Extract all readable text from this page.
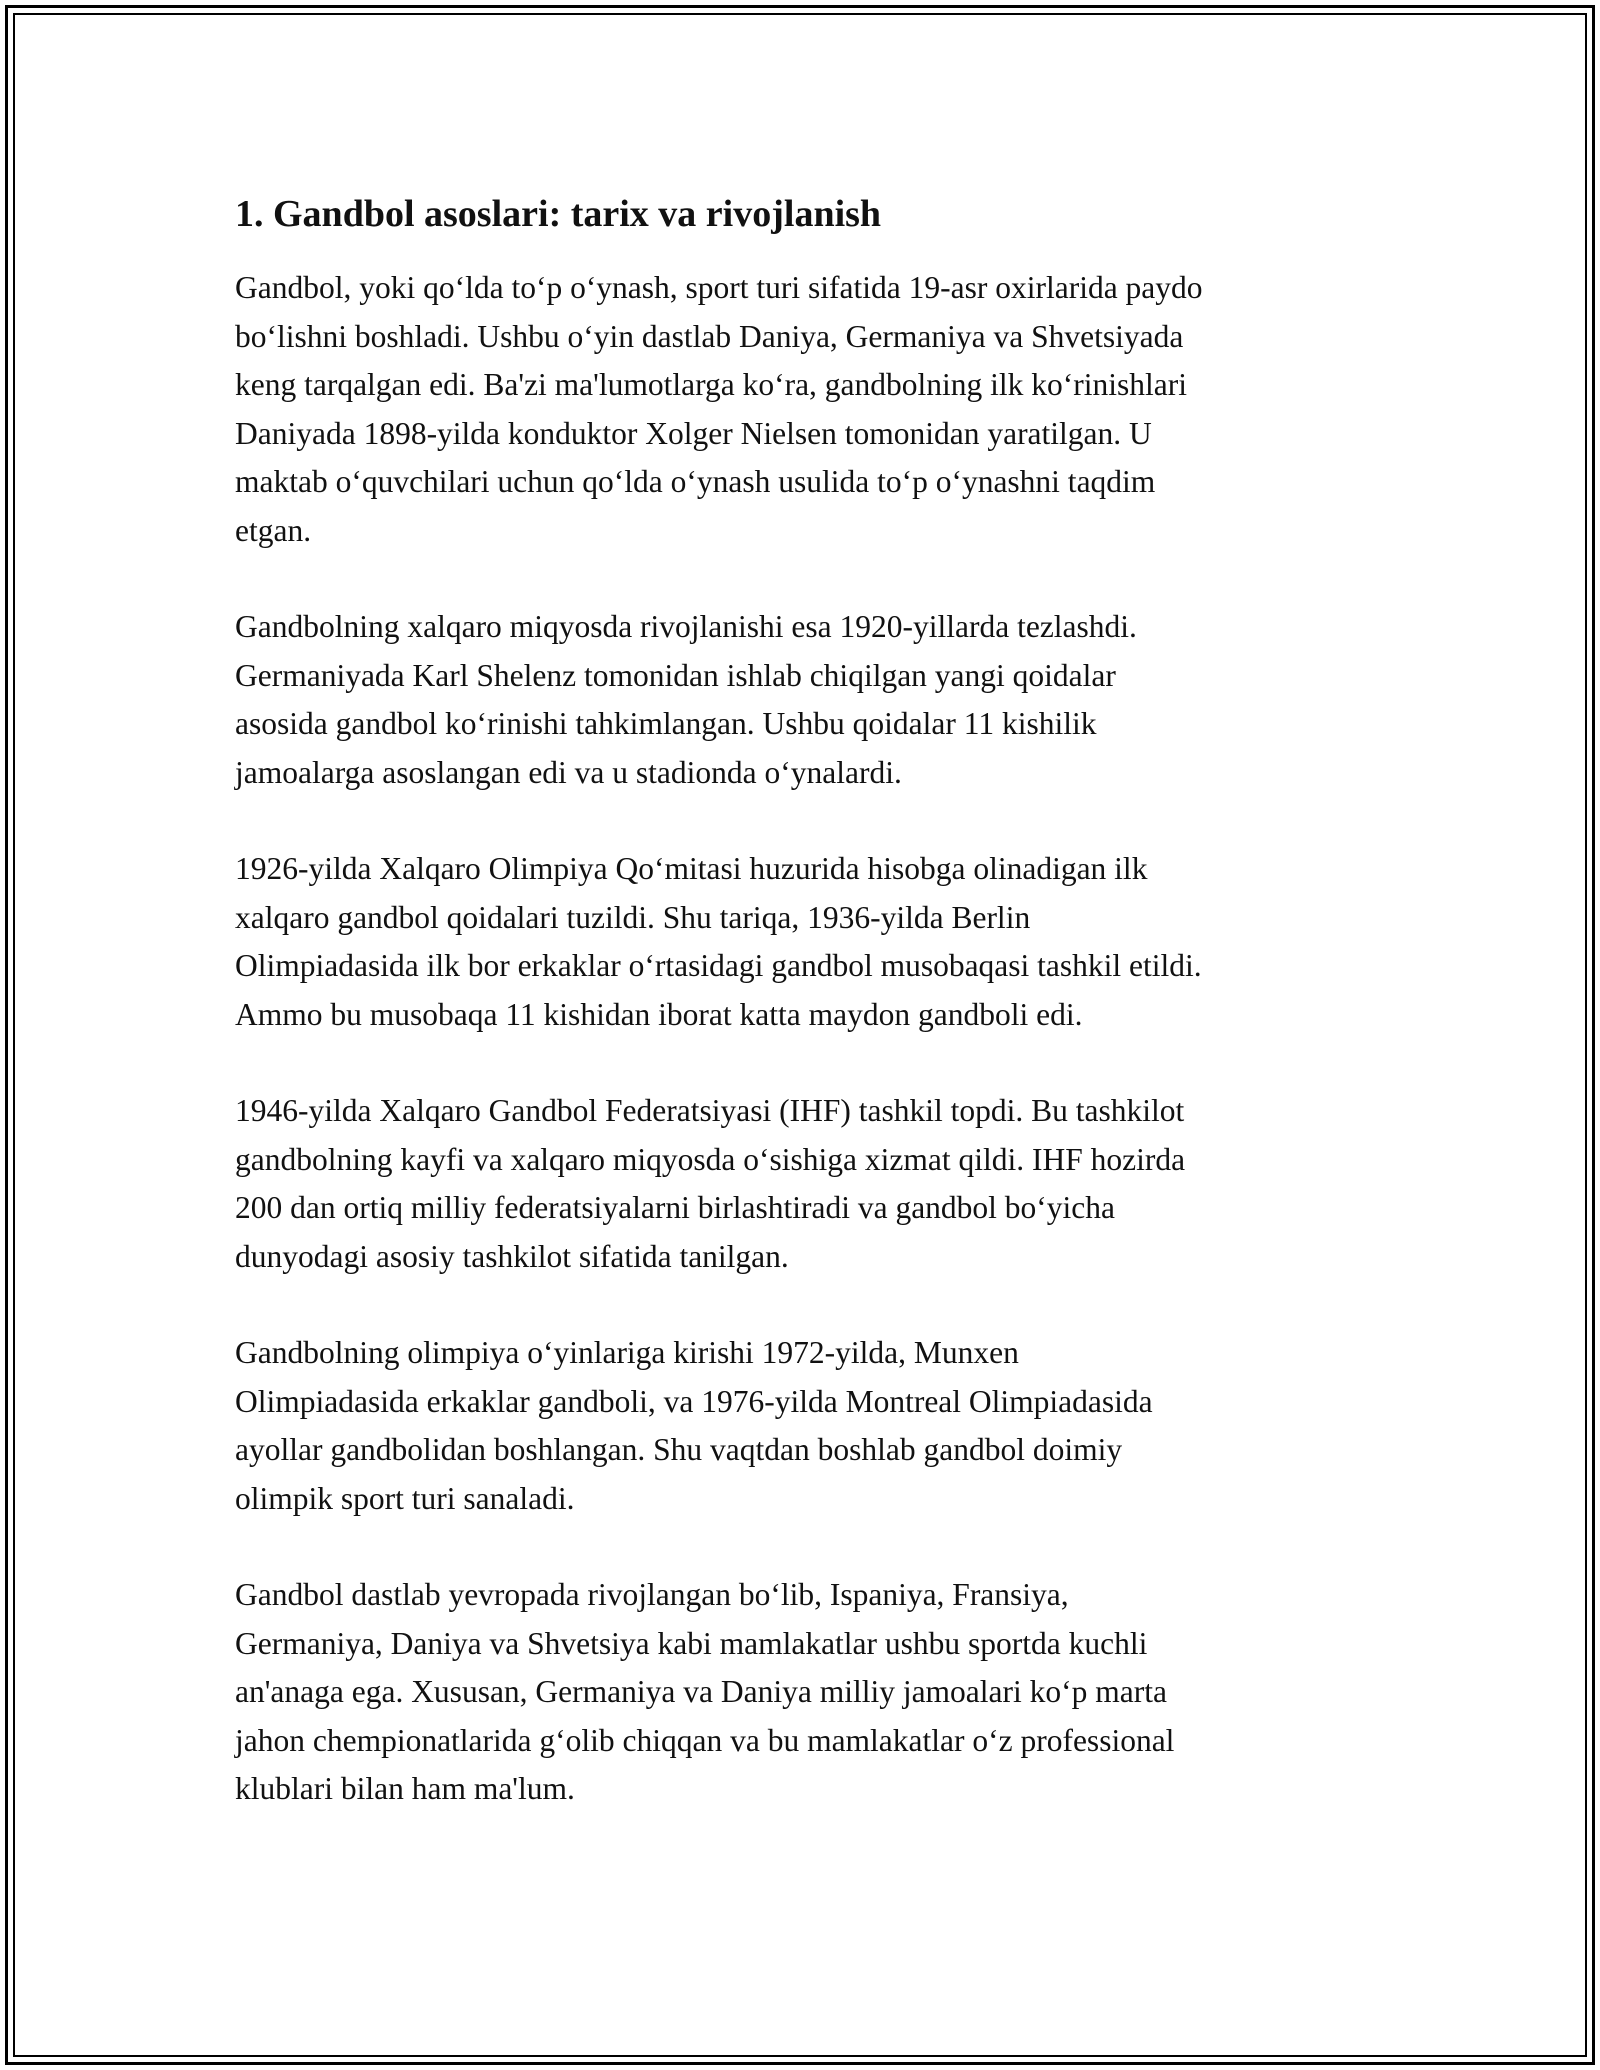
1. Gandbol asoslari: tarix va rivojlanish

Gandbol, yoki qo‘lda to‘p o‘ynash, sport turi sifatida 19-asr oxirlarida paydo
bo‘lishni boshladi. Ushbu o‘yin dastlab Daniya, Germaniya va Shvetsiyada
keng tarqalgan edi. Ba'zi ma'lumotlarga ko‘ra, gandbolning ilk ko‘rinishlari
Daniyada 1898-yilda konduktor Xolger Nielsen tomonidan yaratilgan. U
maktab o‘quvchilari uchun qo‘lda o‘ynash usulida to‘p o‘ynashni taqdim
etgan.

Gandbolning xalqaro miqyosda rivojlanishi esa 1920-yillarda tezlashdi.
Germaniyada Karl Shelenz tomonidan ishlab chiqilgan yangi qoidalar
asosida gandbol ko‘rinishi tahkimlangan. Ushbu qoidalar 11 kishilik
jamoalarga asoslangan edi va u stadionda o‘ynalardi.

1926-yilda Xalqaro Olimpiya Qo‘mitasi huzurida hisobga olinadigan ilk
xalqaro gandbol qoidalari tuzildi. Shu tariqa, 1936-yilda Berlin
Olimpiadasida ilk bor erkaklar o‘rtasidagi gandbol musobaqasi tashkil etildi.
Ammo bu musobaqa 11 kishidan iborat katta maydon gandboli edi.

1946-yilda Xalqaro Gandbol Federatsiyasi (IHF) tashkil topdi. Bu tashkilot
gandbolning kayfi va xalqaro miqyosda o‘sishiga xizmat qildi. IHF hozirda
200 dan ortiq milliy federatsiyalarni birlashtiradi va gandbol bo‘yicha
dunyodagi asosiy tashkilot sifatida tanilgan.

Gandbolning olimpiya o‘yinlariga kirishi 1972-yilda, Munxen
Olimpiadasida erkaklar gandboli, va 1976-yilda Montreal Olimpiadasida
ayollar gandbolidan boshlangan. Shu vaqtdan boshlab gandbol doimiy
olimpik sport turi sanaladi.

Gandbol dastlab yevropada rivojlangan bo‘lib, Ispaniya, Fransiya,
Germaniya, Daniya va Shvetsiya kabi mamlakatlar ushbu sportda kuchli
an'anaga ega. Xususan, Germaniya va Daniya milliy jamoalari ko‘p marta
jahon chempionatlarida g‘olib chiqqan va bu mamlakatlar o‘z professional
klublari bilan ham ma'lum.
